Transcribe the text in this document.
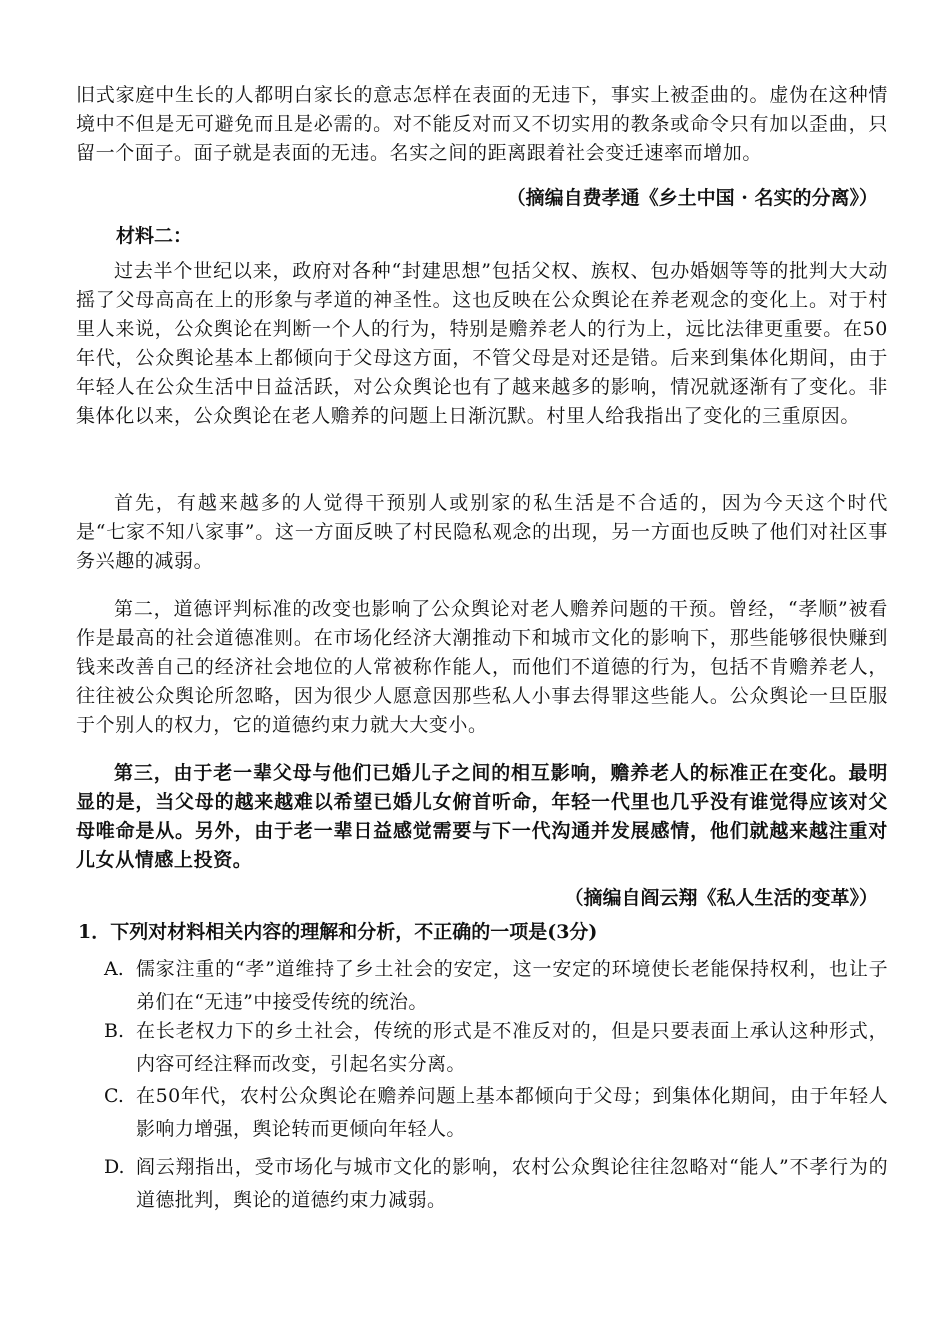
旧式家庭中生长的人都明白家长的意志怎样在表面的无违下，事实上被歪曲的。虚伪在这种情境中不但是无可避免而且是必需的。对不能反对而又不切实用的教条或命令只有加以歪曲，只留一个面子。面子就是表面的无违。名实之间的距离跟着社会变迁速率而增加。

（摘编自费孝通《乡土中国 · 名实的分离》）

材料二：

过去半个世纪以来，政府对各种“封建思想”包括父权、族权、包办婚姻等等的批判大大动摇了父母高高在上的形象与孝道的神圣性。这也反映在公众舆论在养老观念的变化上。对于村里人来说，公众舆论在判断一个人的行为，特别是赡养老人的行为上，远比法律更重要。在50年代，公众舆论基本上都倾向于父母这方面，不管父母是对还是错。后来到集体化期间，由于年轻人在公众生活中日益活跃，对公众舆论也有了越来越多的影响，情况就逐渐有了变化。非集体化以来，公众舆论在老人赡养的问题上日渐沉默。村里人给我指出了变化的三重原因。

首先，有越来越多的人觉得干预别人或别家的私生活是不合适的，因为今天这个时代是“七家不知八家事”。这一方面反映了村民隐私观念的出现，另一方面也反映了他们对社区事务兴趣的减弱。

第二，道德评判标准的改变也影响了公众舆论对老人赡养问题的干预。曾经，“孝顺”被看作是最高的社会道德准则。在市场化经济大潮推动下和城市文化的影响下，那些能够很快赚到钱来改善自己的经济社会地位的人常被称作能人，而他们不道德的行为，包括不肯赡养老人，往往被公众舆论所忽略，因为很少人愿意因那些私人小事去得罪这些能人。公众舆论一旦臣服于个别人的权力，它的道德约束力就大大变小。

第三，由于老一辈父母与他们已婚儿子之间的相互影响，赡养老人的标准正在变化。最明显的是，当父母的越来越难以希望已婚儿女俯首听命，年轻一代里也几乎没有谁觉得应该对父母唯命是从。另外，由于老一辈日益感觉需要与下一代沟通并发展感情，他们就越来越注重对儿女从情感上投资。

（摘编自阎云翔《私人生活的变革》）

1．下列对材料相关内容的理解和分析，不正确的一项是(3分)

A. 儒家注重的“孝”道维持了乡土社会的安定，这一安定的环境使长老能保持权利，也让子弟们在“无违”中接受传统的统治。
B. 在长老权力下的乡土社会，传统的形式是不准反对的，但是只要表面上承认这种形式，内容可经注释而改变，引起名实分离。
C. 在50年代，农村公众舆论在赡养问题上基本都倾向于父母；到集体化期间，由于年轻人影响力增强，舆论转而更倾向年轻人。
D. 阎云翔指出，受市场化与城市文化的影响，农村公众舆论往往忽略对“能人”不孝行为的道德批判，舆论的道德约束力减弱。
